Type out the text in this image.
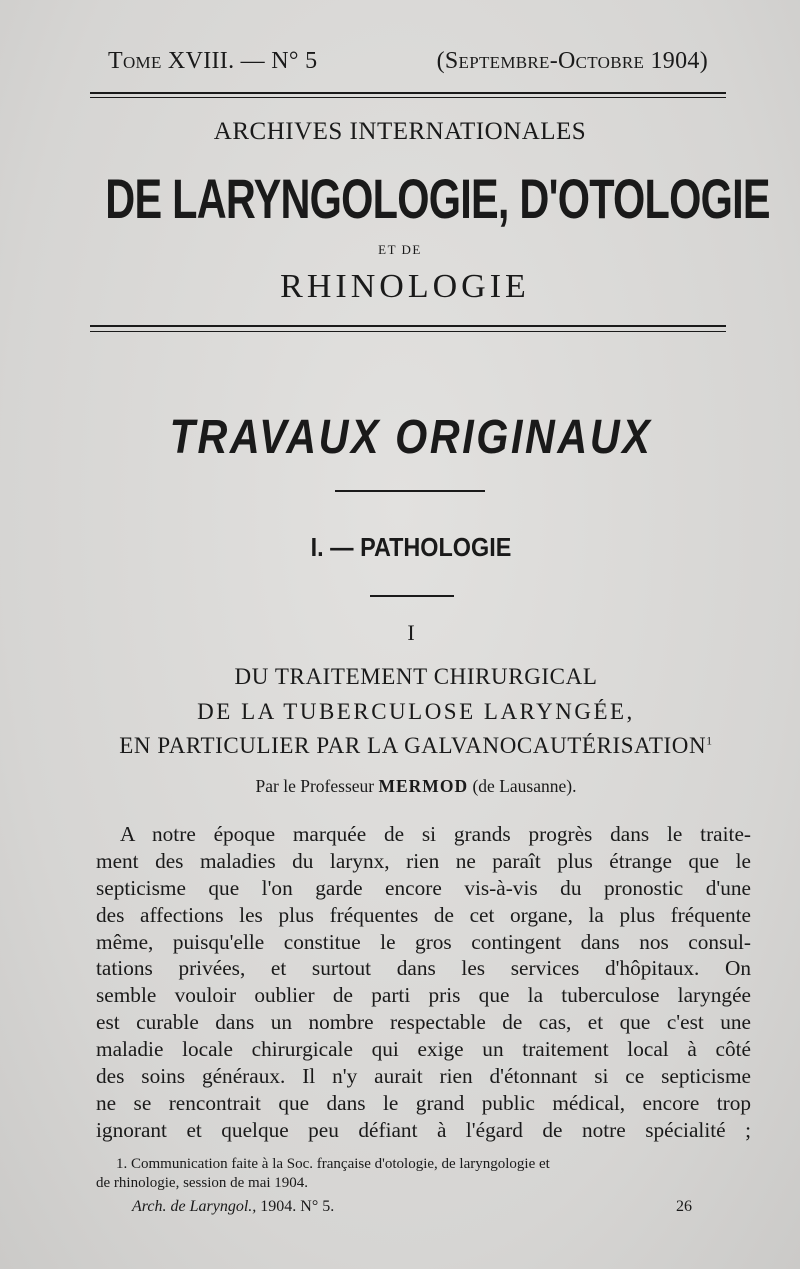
Tome XVIII. — N° 5	(Septembre-Octobre 1904)
ARCHIVES INTERNATIONALES
DE LARYNGOLOGIE, D'OTOLOGIE
ET DE
RHINOLOGIE
TRAVAUX ORIGINAUX
I. — PATHOLOGIE
I
DU TRAITEMENT CHIRURGICAL
DE LA TUBERCULOSE LARYNGÉE,
EN PARTICULIER PAR LA GALVANOCAUTÉRISATION$^1$
Par le Professeur MERMOD (de Lausanne).
A notre époque marquée de si grands progrès dans le traite-
ment des maladies du larynx, rien ne paraît plus étrange que le
septicisme que l'on garde encore vis-à-vis du pronostic d'une
des affections les plus fréquentes de cet organe, la plus fréquente
même, puisqu'elle constitue le gros contingent dans nos consul-
tations privées, et surtout dans les services d'hôpitaux. On
semble vouloir oublier de parti pris que la tuberculose laryngée
est curable dans un nombre respectable de cas, et que c'est une
maladie locale chirurgicale qui exige un traitement local à côté
des soins généraux. Il n'y aurait rien d'étonnant si ce septicisme
ne se rencontrait que dans le grand public médical, encore trop
ignorant et quelque peu défiant à l'égard de notre spécialité ;
1. Communication faite à la Soc. française d'otologie, de laryngologie et
de rhinologie, session de mai 1904.
Arch. de Laryngol., 1904. N° 5.	26
